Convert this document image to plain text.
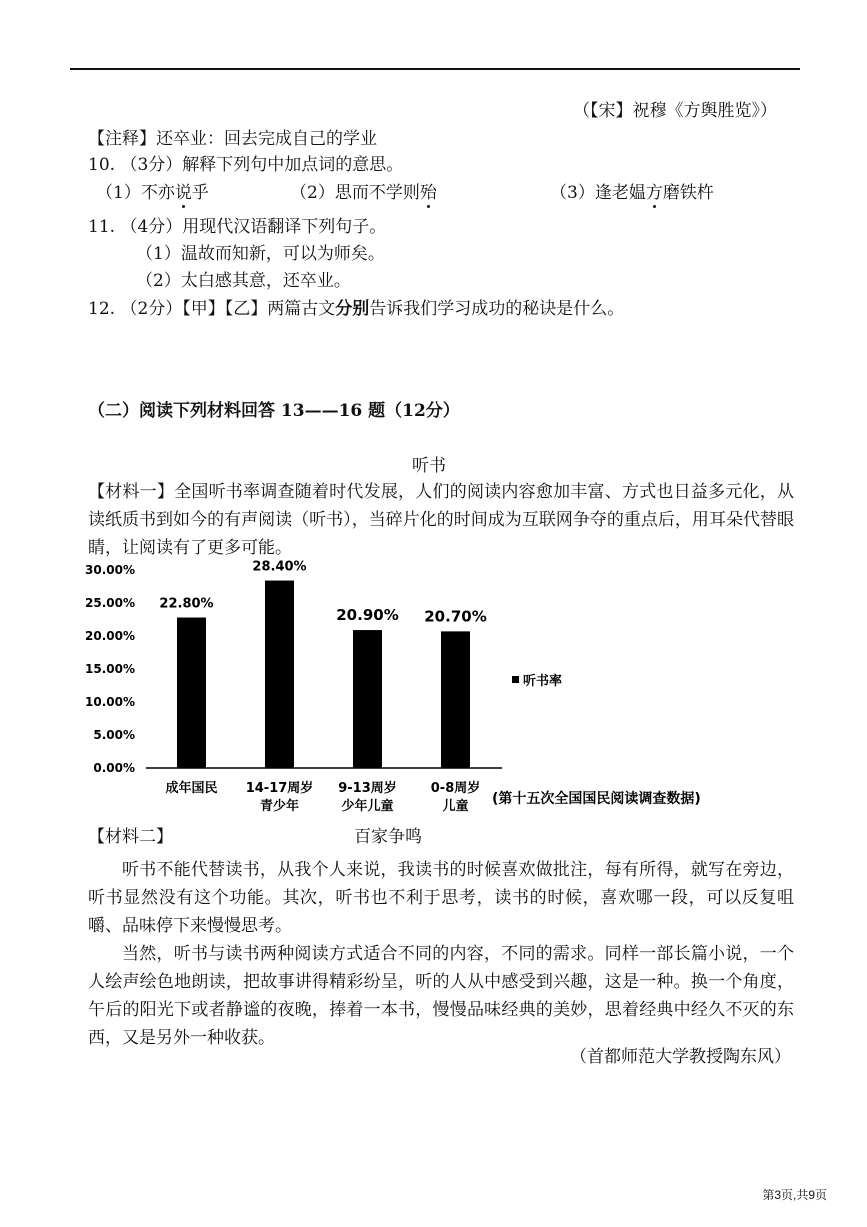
（【宋】祝穆《方舆胜览》）
【注释】还卒业：回去完成自己的学业
10. （3分）解释下列句中加点词的意思。
（1）不亦说乎	（2）思而不学则殆	（3）逢老媪方磨铁杵
11. （4分）用现代汉语翻译下列句子。
（1）温故而知新，可以为师矣。
（2）太白感其意，还卒业。
12. （2分）【甲】【乙】两篇古文分别告诉我们学习成功的秘诀是什么。
（二）阅读下列材料回答 13——16 题（12分）
听书
【材料一】全国听书率调查随着时代发展，人们的阅读内容愈加丰富、方式也日益多元化，从读纸质书到如今的有声阅读（听书），当碎片化的时间成为互联网争夺的重点后，用耳朵代替眼睛，让阅读有了更多可能。
0.00%
5.00%
10.00%
15.00%
20.00%
25.00%
30.00%
22.80%
成年国民
28.40%
14-17周岁
青少年
20.90%
9-13周岁
少年儿童
20.70%
0-8周岁
儿童
听书率
(第十五次全国国民阅读调查数据)
【材料二】	百家争鸣
听书不能代替读书，从我个人来说，我读书的时候喜欢做批注，每有所得，就写在旁边，听书显然没有这个功能。其次，听书也不利于思考，读书的时候，喜欢哪一段，可以反复咀嚼、品味停下来慢慢思考。
当然，听书与读书两种阅读方式适合不同的内容，不同的需求。同样一部长篇小说，一个人绘声绘色地朗读，把故事讲得精彩纷呈，听的人从中感受到兴趣，这是一种。换一个角度，午后的阳光下或者静谧的夜晚，捧着一本书，慢慢品味经典的美妙，思着经典中经久不灭的东西，又是另外一种收获。
（首都师范大学教授陶东风）
第3页,共9页
